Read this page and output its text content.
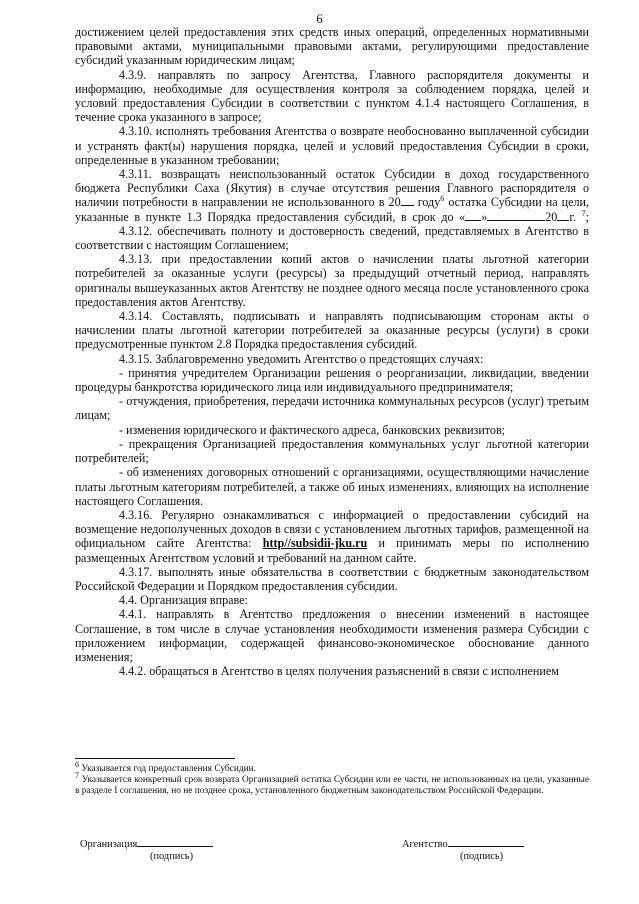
6

достижением целей предоставления этих средств иных операций, определенных нормативными правовыми актами, муниципальными правовыми актами, регулирующими предоставление субсидий указанным юридическим лицам;

4.3.9. направлять по запросу Агентства, Главного распорядителя документы и информацию, необходимые для осуществления контроля за соблюдением порядка, целей и условий предоставления Субсидии в соответствии с пунктом 4.1.4 настоящего Соглашения, в течение срока указанного в запросе;

4.3.10. исполнять требования Агентства о возврате необоснованно выплаченной субсидии и устранять факт(ы) нарушения порядка, целей и условий предоставления Субсидии в сроки, определенные в указанном требовании;

4.3.11. возвращать неиспользованный остаток Субсидии в доход государственного бюджета Республики Саха (Якутия) в случае отсутствия решения Главного распорядителя о наличии потребности в направлении не использованного в 20 году$^6$ остатка Субсидии на цели, указанные в пункте 1.3 Порядка предоставления субсидий, в срок до « »	20 г. $^7$;

4.3.12. обеспечивать полноту и достоверность сведений, представляемых в Агентство в соответствии с настоящим Соглашением;

4.3.13. при предоставлении копий актов о начислении платы льготной категории потребителей за оказанные услуги (ресурсы) за предыдущий отчетный период, направлять оригиналы вышеуказанных актов Агентству не позднее одного месяца после установленного срока предоставления актов Агентству.

4.3.14. Составлять, подписывать и направлять подписывающим сторонам акты о начислении платы льготной категории потребителей за оказанные ресурсы (услуги) в сроки предусмотренные пунктом 2.8 Порядка предоставления субсидий.

4.3.15. Заблаговременно уведомить Агентство о предстоящих случаях:

- принятия учредителем Организации решения о реорганизации, ликвидации, введении процедуры банкротства юридического лица или индивидуального предпринимателя;

- отчуждения, приобретения, передачи источника коммунальных ресурсов (услуг) третьим лицам;

- изменения юридического и фактического адреса, банковских реквизитов;

- прекращения Организацией предоставления коммунальных услуг льготной категории потребителей;

- об изменениях договорных отношений с организациями, осуществляющими начисление платы льготным категориям потребителей, а также об иных изменениях, влияющих на исполнение настоящего Соглашения.

4.3.16. Регулярно ознакамливаться с информацией о предоставлении субсидий на возмещение недополученных доходов в связи с установлением льготных тарифов, размещенной на официальном сайте Агентства: http//subsidii-jku.ru и принимать меры по исполнению размещенных Агентством условий и требований на данном сайте.

4.3.17. выполнять иные обязательства в соответствии с бюджетным законодательством Российской Федерации и Порядком предоставления субсидии.

4.4. Организация вправе:

4.4.1. направлять в Агентство предложения о внесении изменений в настоящее Соглашение, в том числе в случае установления необходимости изменения размера Субсидии с приложением информации, содержащей финансово-экономическое обоснование данного изменения;

4.4.2. обращаться в Агентство в целях получения разъяснений в связи с исполнением

$^6$ Указывается год предоставления Субсидии.

$^7$ Указывается конкретный срок возврата Организацией остатка Субсидии или ее части, не использованных на цели, указанные в разделе I соглашения, но не позднее срока, установленного бюджетным законодательством Российской Федерации.

Организация
(подпись)
Агентство
(подпись)
